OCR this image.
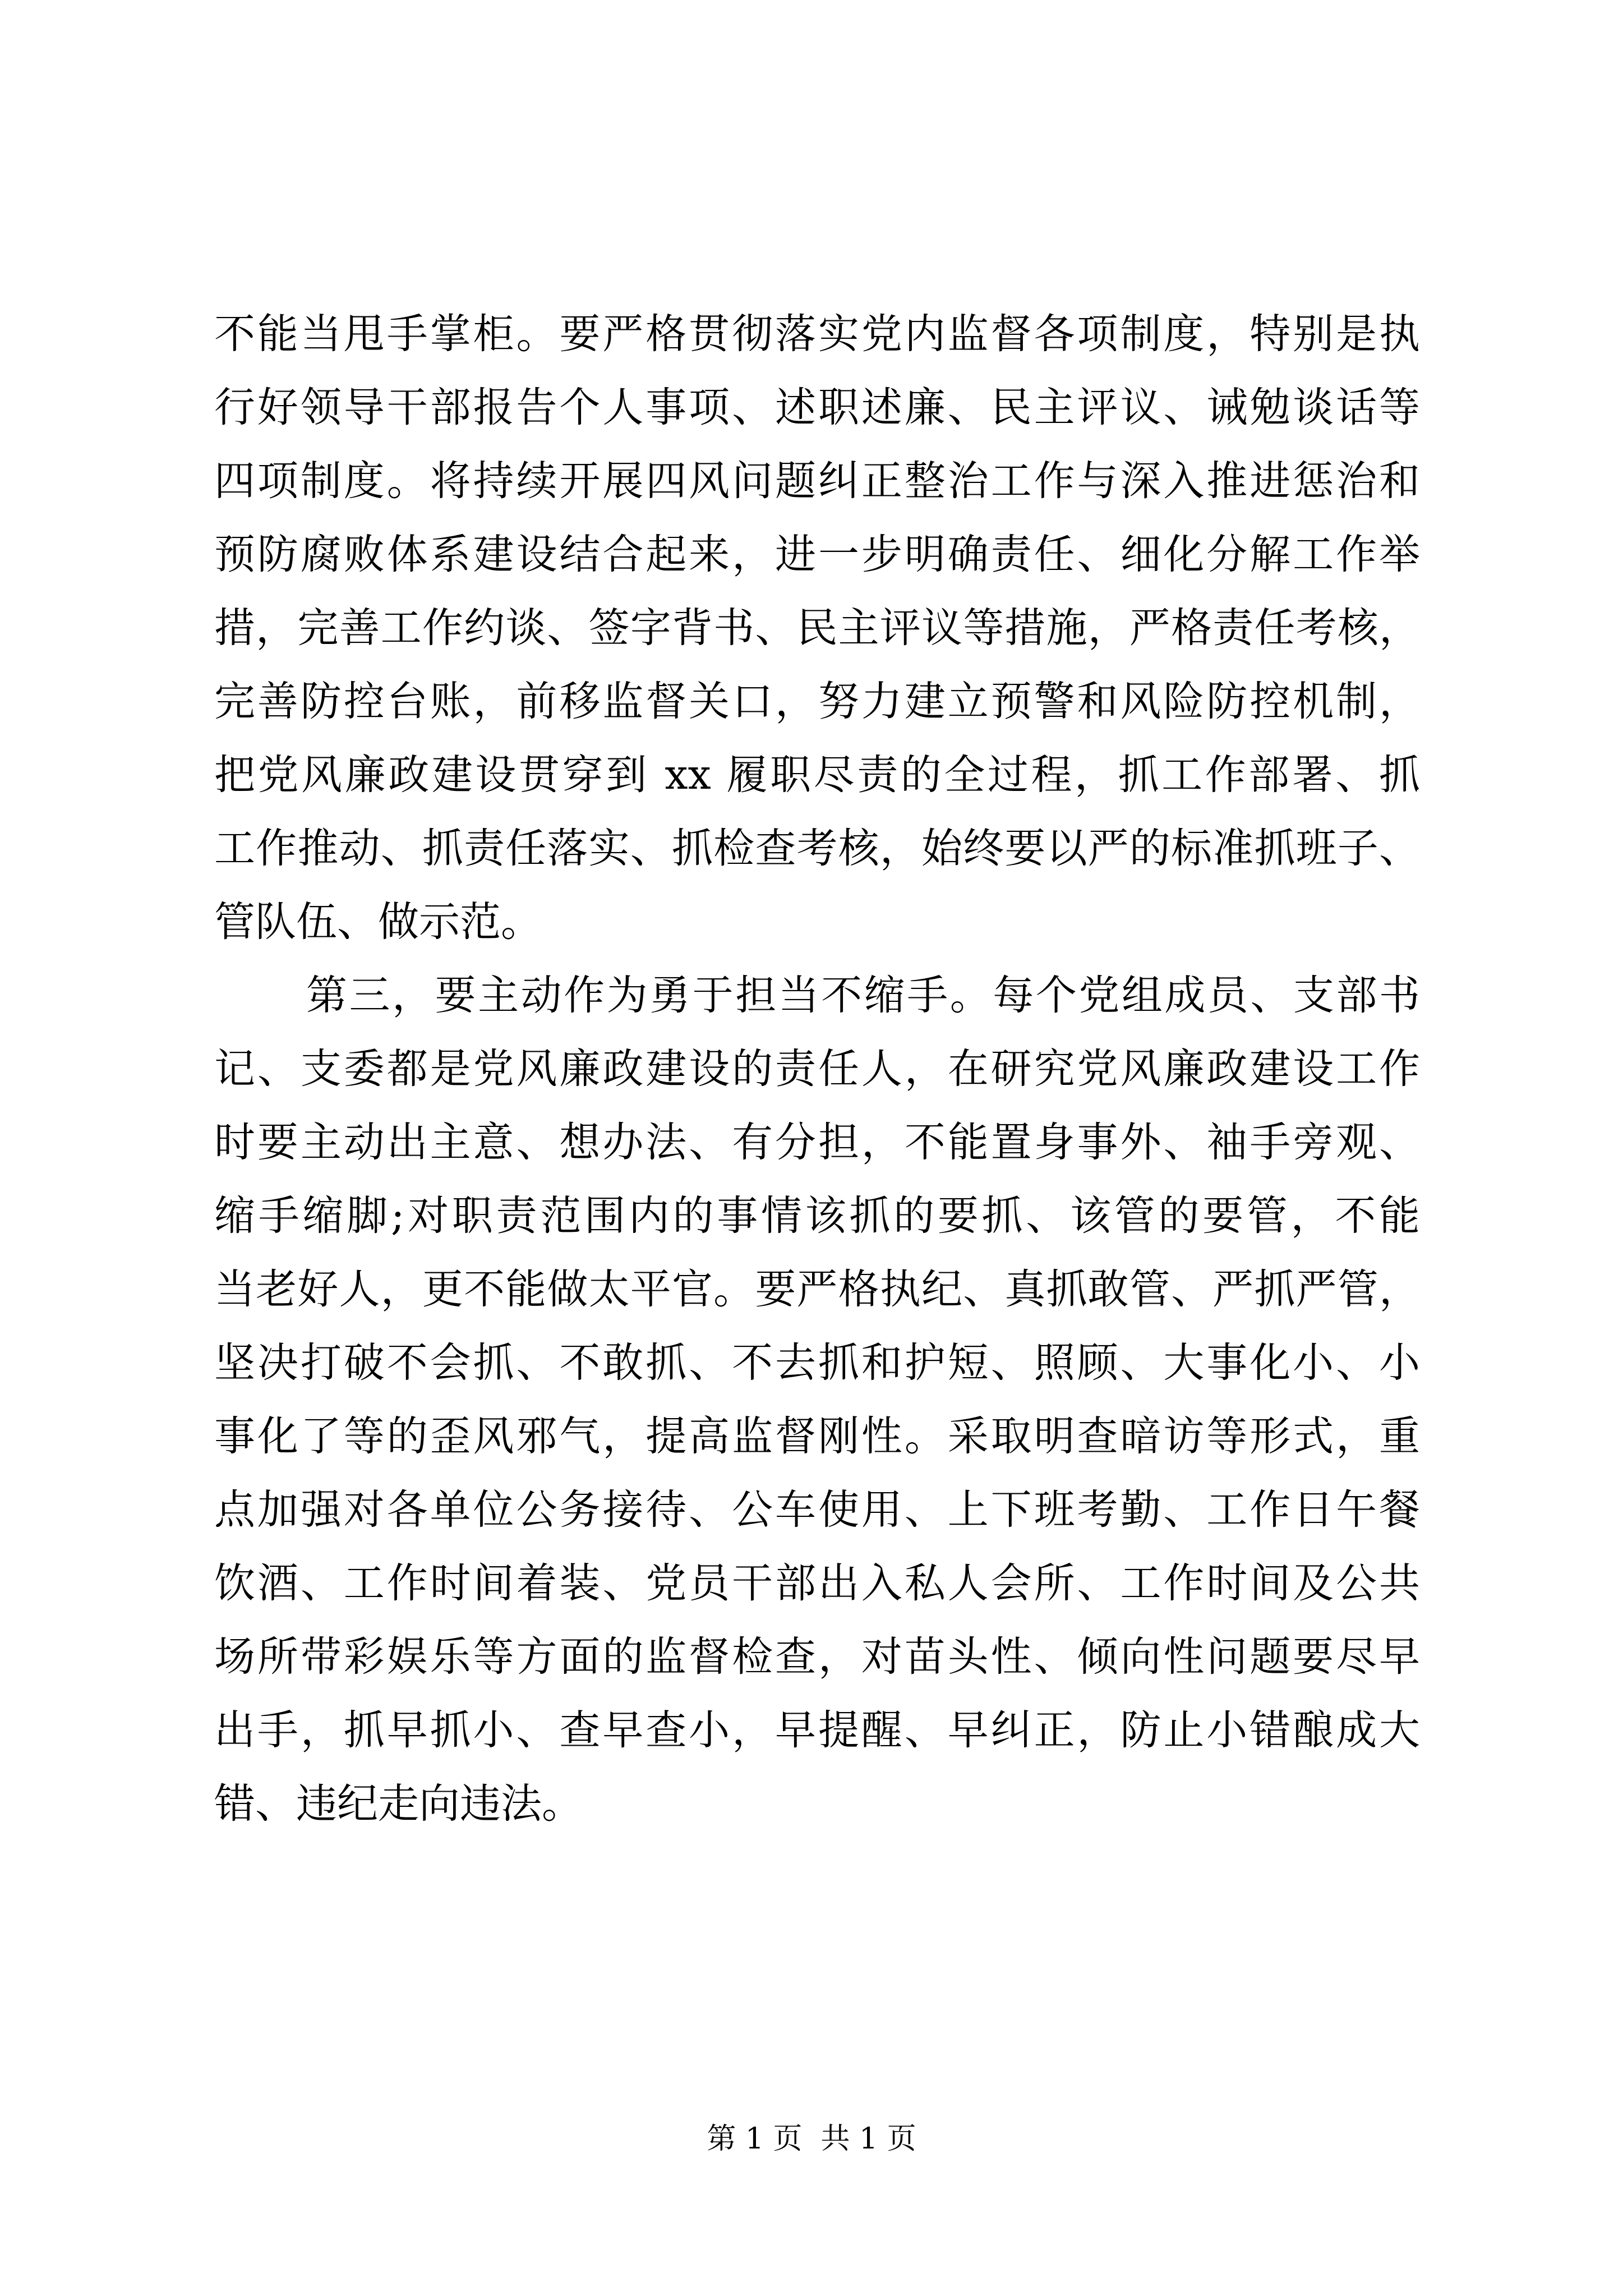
不能当甩手掌柜。要严格贯彻落实党内监督各项制度，特别是执
行好领导干部报告个人事项、述职述廉、民主评议、诫勉谈话等
四项制度。将持续开展四风问题纠正整治工作与深入推进惩治和
预防腐败体系建设结合起来，进一步明确责任、细化分解工作举
措，完善工作约谈、签字背书、民主评议等措施，严格责任考核，
完善防控台账，前移监督关口，努力建立预警和风险防控机制，
把党风廉政建设贯穿到 xx 履职尽责的全过程，抓工作部署、抓
工作推动、抓责任落实、抓检查考核，始终要以严的标准抓班子、
管队伍、做示范。
第三，要主动作为勇于担当不缩手。每个党组成员、支部书
记、支委都是党风廉政建设的责任人，在研究党风廉政建设工作
时要主动出主意、想办法、有分担，不能置身事外、袖手旁观、
缩手缩脚;对职责范围内的事情该抓的要抓、该管的要管，不能
当老好人，更不能做太平官。要严格执纪、真抓敢管、严抓严管，
坚决打破不会抓、不敢抓、不去抓和护短、照顾、大事化小、小
事化了等的歪风邪气，提高监督刚性。采取明查暗访等形式，重
点加强对各单位公务接待、公车使用、上下班考勤、工作日午餐
饮酒、工作时间着装、党员干部出入私人会所、工作时间及公共
场所带彩娱乐等方面的监督检查，对苗头性、倾向性问题要尽早
出手，抓早抓小、查早查小，早提醒、早纠正，防止小错酿成大
错、违纪走向违法。
第 1 页  共 1 页
